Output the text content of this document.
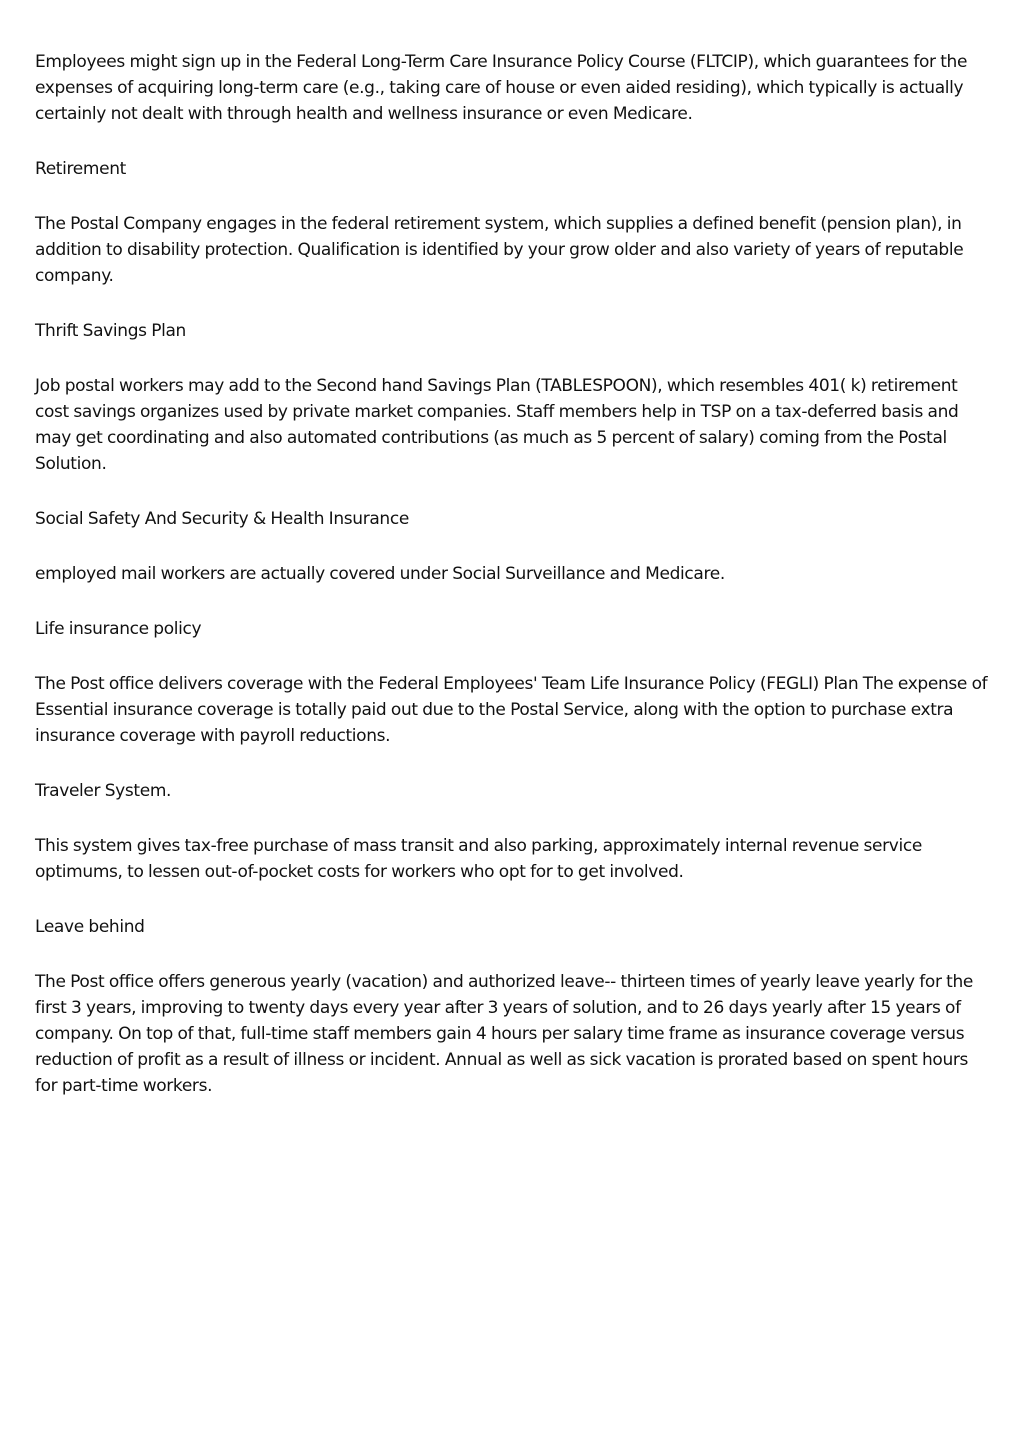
Employees might sign up in the Federal Long-Term Care Insurance Policy Course (FLTCIP), which guarantees for the expenses of acquiring long-term care (e.g., taking care of house or even aided residing), which typically is actually certainly not dealt with through health and wellness insurance or even Medicare.

Retirement

The Postal Company engages in the federal retirement system, which supplies a defined benefit (pension plan), in addition to disability protection. Qualification is identified by your grow older and also variety of years of reputable company.

Thrift Savings Plan

Job postal workers may add to the Second hand Savings Plan (TABLESPOON), which resembles 401( k) retirement cost savings organizes used by private market companies. Staff members help in TSP on a tax-deferred basis and may get coordinating and also automated contributions (as much as 5 percent of salary) coming from the Postal Solution.

Social Safety And Security & Health Insurance

employed mail workers are actually covered under Social Surveillance and Medicare.

Life insurance policy

The Post office delivers coverage with the Federal Employees' Team Life Insurance Policy (FEGLI) Plan The expense of Essential insurance coverage is totally paid out due to the Postal Service, along with the option to purchase extra insurance coverage with payroll reductions.

Traveler System.

This system gives tax-free purchase of mass transit and also parking, approximately internal revenue service optimums, to lessen out-of-pocket costs for workers who opt for to get involved.

Leave behind

The Post office offers generous yearly (vacation) and authorized leave-- thirteen times of yearly leave yearly for the first 3 years, improving to twenty days every year after 3 years of solution, and to 26 days yearly after 15 years of company. On top of that, full-time staff members gain 4 hours per salary time frame as insurance coverage versus reduction of profit as a result of illness or incident. Annual as well as sick vacation is prorated based on spent hours for part-time workers.
